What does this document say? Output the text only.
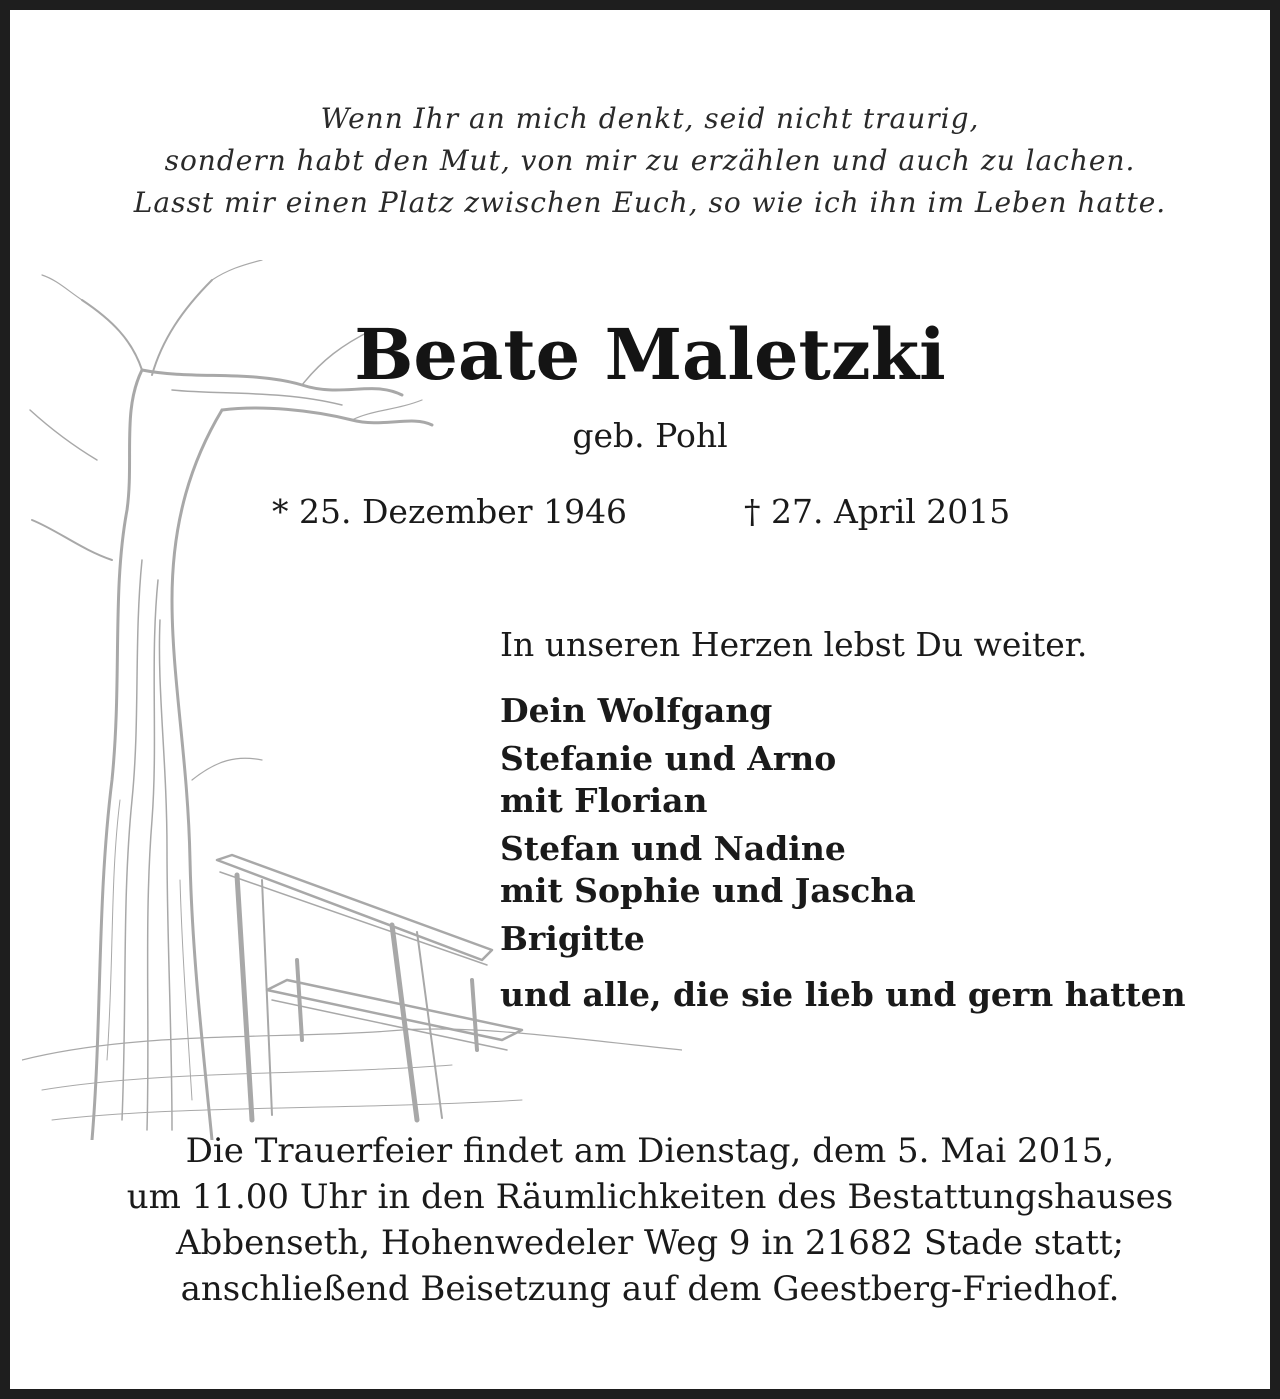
Wenn Ihr an mich denkt, seid nicht traurig,
sondern habt den Mut, von mir zu erzählen und auch zu lachen.
Lasst mir einen Platz zwischen Euch, so wie ich ihn im Leben hatte.
Beate Maletzki
geb. Pohl
* 25. Dezember 1946	† 27. April 2015
In unseren Herzen lebst Du weiter.
Dein Wolfgang
Stefanie und Arno
mit Florian
Stefan und Nadine
mit Sophie und Jascha
Brigitte
und alle, die sie lieb und gern hatten
Die Trauerfeier findet am Dienstag, dem 5. Mai 2015,
um 11.00 Uhr in den Räumlichkeiten des Bestattungshauses
Abbenseth, Hohenwedeler Weg 9 in 21682 Stade statt;
anschließend Beisetzung auf dem Geestberg-Friedhof.
